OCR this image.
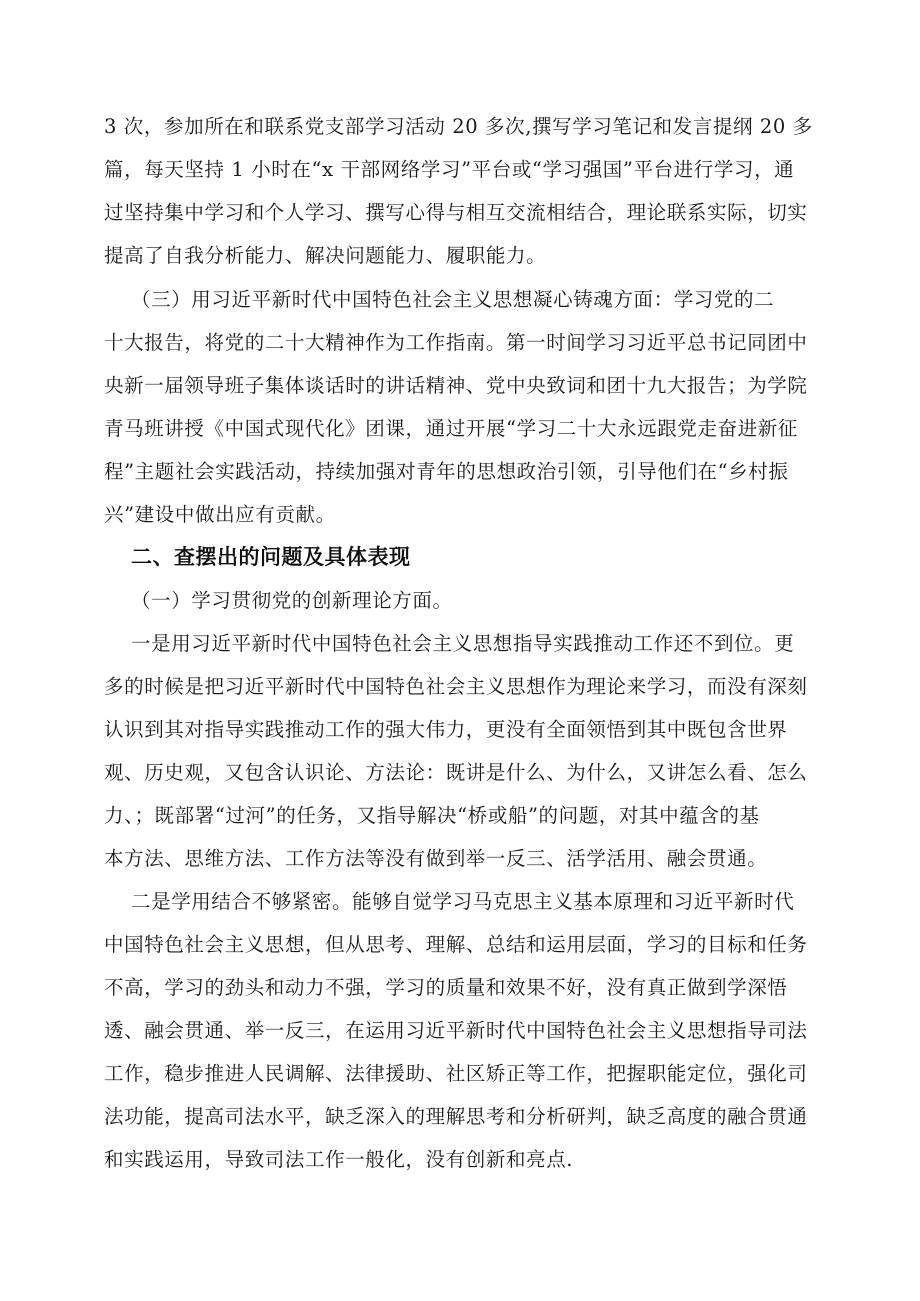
3 次，参加所在和联系党支部学习活动 20 多次,撰写学习笔记和发言提纲 20 多
篇，每天坚持 1 小时在“x 干部网络学习”平台或“学习强国”平台进行学习，通
过坚持集中学习和个人学习、撰写心得与相互交流相结合，理论联系实际，切实
提高了自我分析能力、解决问题能力、履职能力。
（三）用习近平新时代中国特色社会主义思想凝心铸魂方面：学习党的二
十大报告，将党的二十大精神作为工作指南。第一时间学习习近平总书记同团中
央新一届领导班子集体谈话时的讲话精神、党中央致词和团十九大报告；为学院
青马班讲授《中国式现代化》团课，通过开展“学习二十大永远跟党走奋进新征
程”主题社会实践活动，持续加强对青年的思想政治引领，引导他们在“乡村振
兴”建设中做出应有贡献。
二、查摆出的问题及具体表现
（一）学习贯彻党的创新理论方面。
一是用习近平新时代中国特色社会主义思想指导实践推动工作还不到位。更
多的时候是把习近平新时代中国特色社会主义思想作为理论来学习，而没有深刻
认识到其对指导实践推动工作的强大伟力，更没有全面领悟到其中既包含世界
观、历史观，又包含认识论、方法论：既讲是什么、为什么，又讲怎么看、怎么
力、；既部署“过河”的任务，又指导解决“桥或船”的问题，对其中蕴含的基
本方法、思维方法、工作方法等没有做到举一反三、活学活用、融会贯通。
二是学用结合不够紧密。能够自觉学习马克思主义基本原理和习近平新时代
中国特色社会主义思想，但从思考、理解、总结和运用层面，学习的目标和任务
不高，学习的劲头和动力不强，学习的质量和效果不好，没有真正做到学深悟
透、融会贯通、举一反三，在运用习近平新时代中国特色社会主义思想指导司法
工作，稳步推进人民调解、法律援助、社区矫正等工作，把握职能定位，强化司
法功能，提高司法水平，缺乏深入的理解思考和分析研判，缺乏高度的融合贯通
和实践运用，导致司法工作一般化，没有创新和亮点.
